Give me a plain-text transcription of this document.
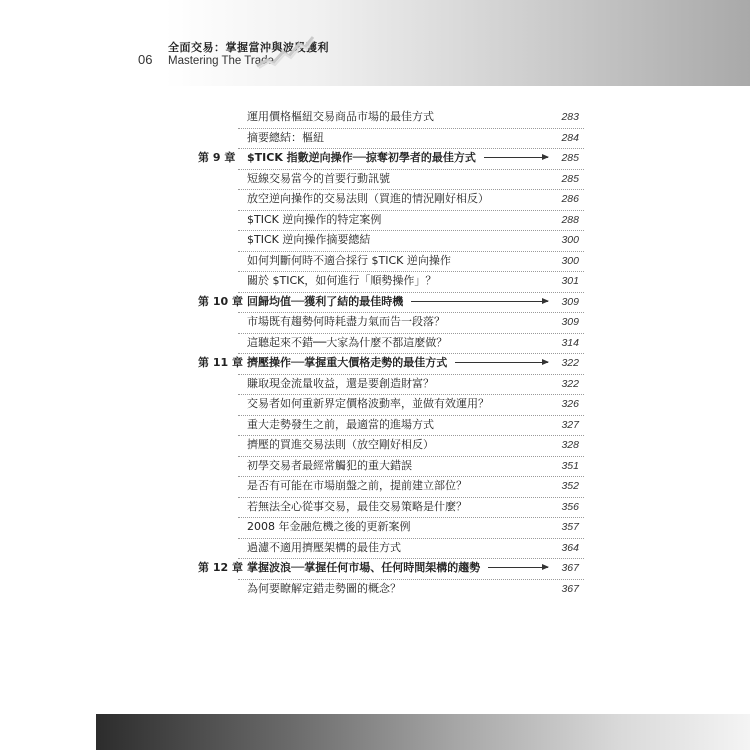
06
全面交易：掌握當沖與波段獲利
Mastering The Trade
運用價格樞紐交易商品市場的最佳方式	283
摘要總結：樞紐	284
第 9 章 $TICK 指數逆向操作──掠奪初學者的最佳方式	285
短線交易當今的首要行動訊號	285
放空逆向操作的交易法則（買進的情況剛好相反）	286
$TICK 逆向操作的特定案例	288
$TICK 逆向操作摘要總結	300
如何判斷何時不適合採行 $TICK 逆向操作	300
關於 $TICK，如何進行「順勢操作」？	301
第 10 章 回歸均值──獲利了結的最佳時機	309
市場既有趨勢何時耗盡力氣而告一段落？	309
這聽起來不錯──大家為什麼不都這麼做？	314
第 11 章 擠壓操作──掌握重大價格走勢的最佳方式	322
賺取現金流量收益，還是要創造財富？	322
交易者如何重新界定價格波動率，並做有效運用？	326
重大走勢發生之前，最適當的進場方式	327
擠壓的買進交易法則（放空剛好相反）	328
初學交易者最經常觸犯的重大錯誤	351
是否有可能在市場崩盤之前，提前建立部位？	352
若無法全心從事交易，最佳交易策略是什麼？	356
2008 年金融危機之後的更新案例	357
過濾不適用擠壓架構的最佳方式	364
第 12 章 掌握波浪──掌握任何市場、任何時間架構的趨勢	367
為何要瞭解定錯走勢圖的概念？	367
